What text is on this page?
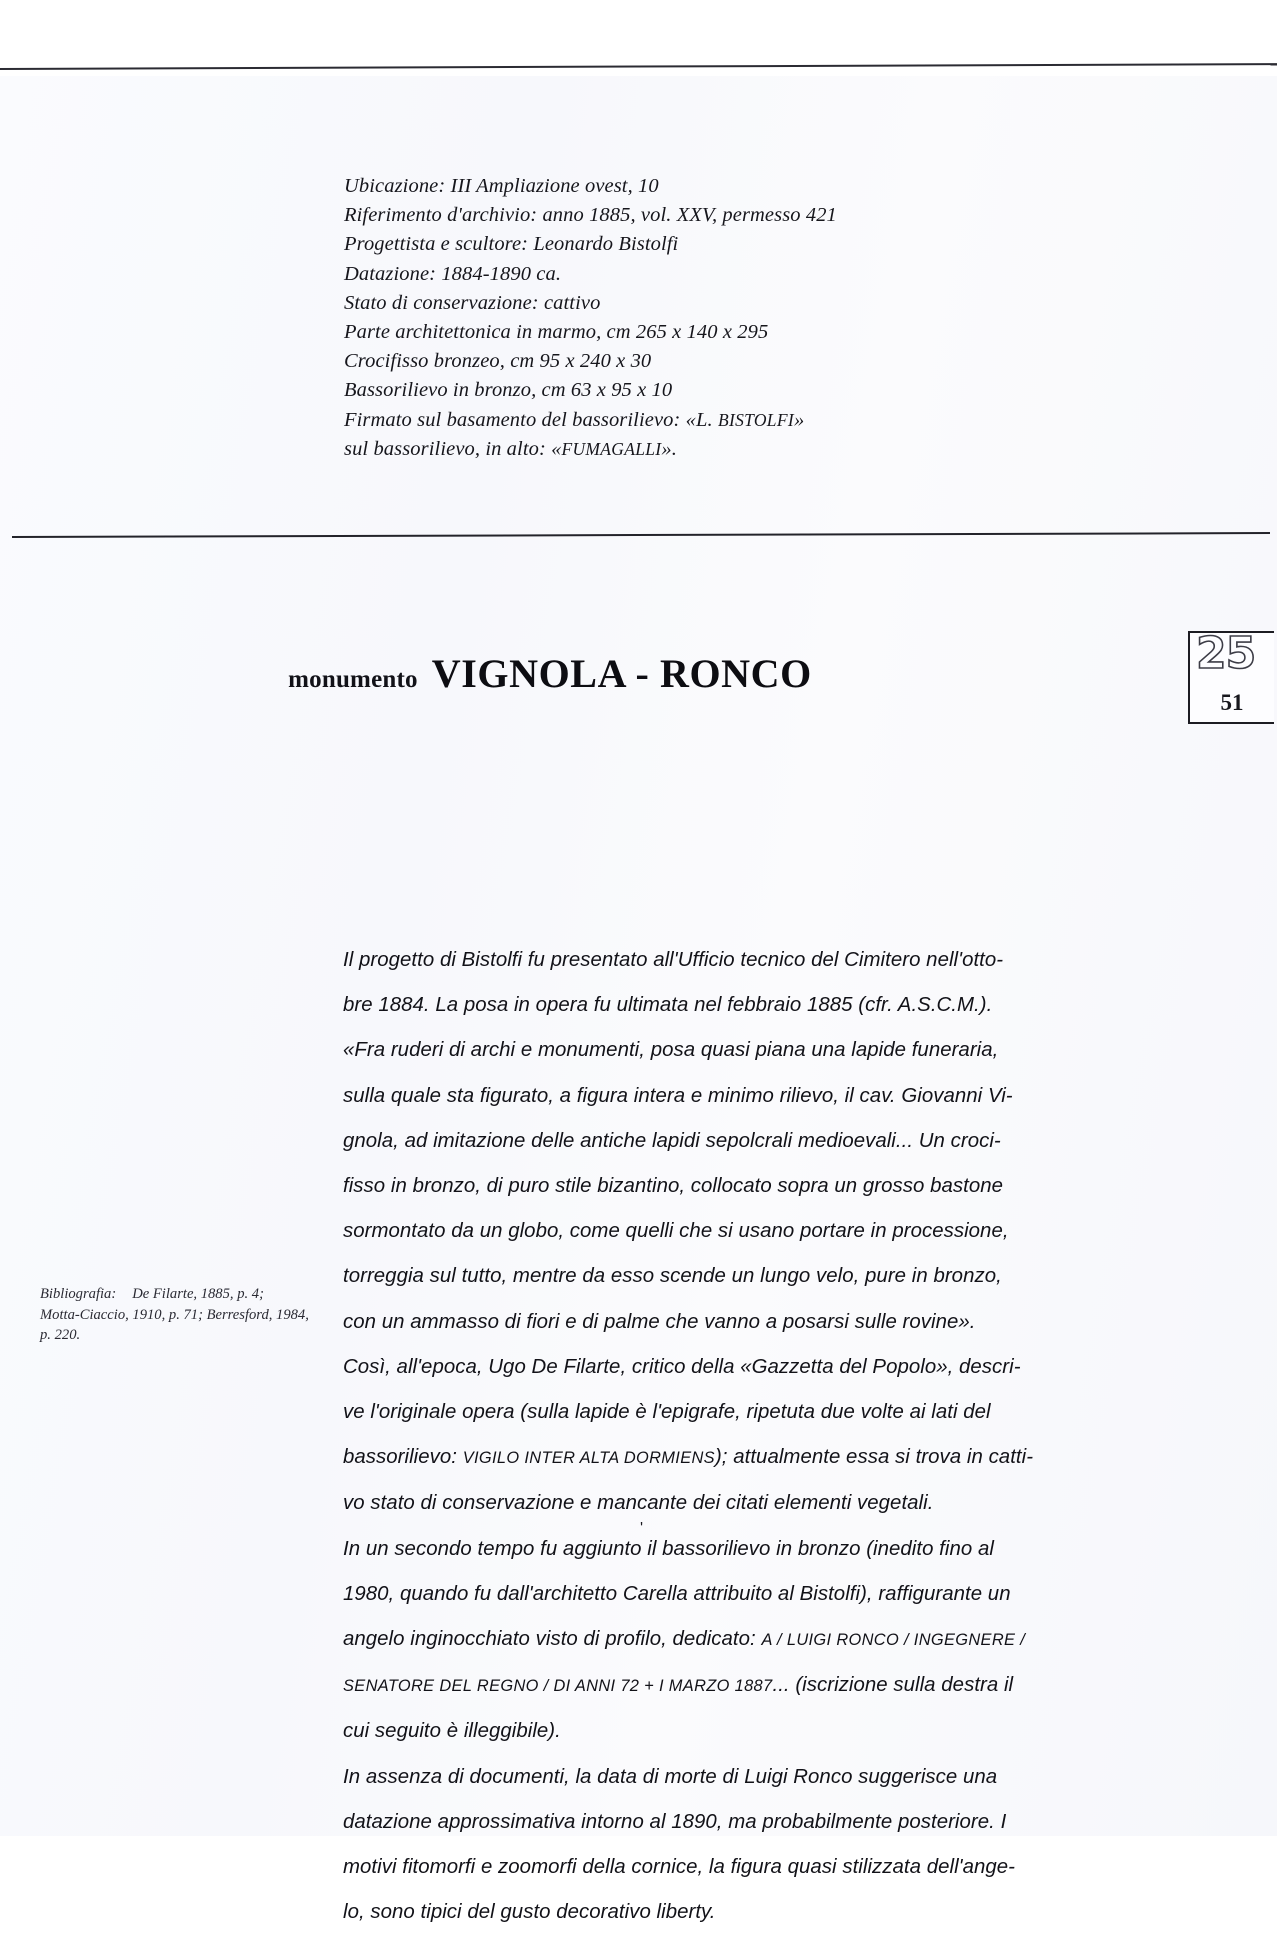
Ubicazione: III Ampliazione ovest, 10
Riferimento d'archivio: anno 1885, vol. XXV, permesso 421
Progettista e scultore: Leonardo Bistolfi
Datazione: 1884-1890 ca.
Stato di conservazione: cattivo
Parte architettonica in marmo, cm 265 x 140 x 295
Crocifisso bronzeo, cm 95 x 240 x 30
Bassorilievo in bronzo, cm 63 x 95 x 10
Firmato sul basamento del bassorilievo: «L. BISTOLFI»
sul bassorilievo, in alto: «FUMAGALLI».
monumento VIGNOLA - RONCO	25
51
Bibliografia: De Filarte, 1885, p. 4;
Motta-Ciaccio, 1910, p. 71; Berresford, 1984,
p. 220.

Il progetto di Bistolfi fu presentato all'Ufficio tecnico del Cimitero nell'otto-
bre 1884. La posa in opera fu ultimata nel febbraio 1885 (cfr. A.S.C.M.).

«Fra ruderi di archi e monumenti, posa quasi piana una lapide funeraria,
sulla quale sta figurato, a figura intera e minimo rilievo, il cav. Giovanni Vi-
gnola, ad imitazione delle antiche lapidi sepolcrali medioevali... Un croci-
fisso in bronzo, di puro stile bizantino, collocato sopra un grosso bastone
sormontato da un globo, come quelli che si usano portare in processione,
torreggia sul tutto, mentre da esso scende un lungo velo, pure in bronzo,
con un ammasso di fiori e di palme che vanno a posarsi sulle rovine».

Così, all'epoca, Ugo De Filarte, critico della «Gazzetta del Popolo», descri-
ve l'originale opera (sulla lapide è l'epigrafe, ripetuta due volte ai lati del
bassorilievo: VIGILO INTER ALTA DORMIENS); attualmente essa si trova in catti-
vo stato di conservazione e mancante dei citati elementi vegetali.

In un secondo tempo fu aggiunto il bassorilievo in bronzo (inedito fino al
1980, quando fu dall'architetto Carella attribuito al Bistolfi), raffigurante un
angelo inginocchiato visto di profilo, dedicato: A / LUIGI RONCO / INGEGNERE /
SENATORE DEL REGNO / DI ANNI 72 + I MARZO 1887... (iscrizione sulla destra il
cui seguito è illeggibile).

In assenza di documenti, la data di morte di Luigi Ronco suggerisce una
datazione approssimativa intorno al 1890, ma probabilmente posteriore. I
motivi fitomorfi e zoomorfi della cornice, la figura quasi stilizzata dell'ange-
lo, sono tipici del gusto decorativo liberty.

'
